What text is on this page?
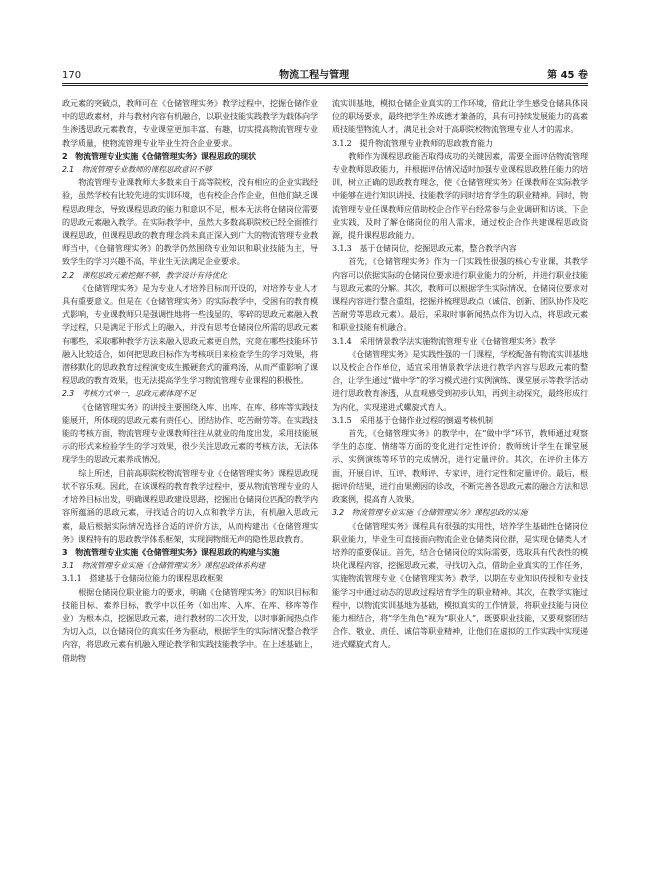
170	物流工程与管理	第 45 卷

政元素的突破点，教师可在《仓储管理实务》教学过程中，挖掘仓储作业中的思政素材，并与教材内容有机融合，以职业技能实践教学为载体向学生渗透思政元素教育，专业课堂更加丰富、有趣，切实提高物流管理专业教学质量，使物流管理专业毕业生符合企业要求。

2　物流管理专业实施《仓储管理实务》课程思政的现状

2.1　物流管理专业教师的课程思政意识不够

物流管理专业课教师大多数来自于高等院校，没有相应的企业实践经验，虽然学校有比较先进的实训环境，也有校企合作企业，但他们缺乏课程思政理念，导致课程思政的能力和意识不足，根本无法将仓储岗位需要的思政元素融入教学。在实际教学中，虽然大多数高职院校已经全面推行课程思政，但课程思政的教育理念尚未真正深入到广大的物流管理专业教师当中，《仓储管理实务》的教学仍然围绕专业知识和职业技能为主，导致学生的学习兴趣不高，毕业生无法满足企业要求。

2.2　课程思政元素挖掘不够，教学设计有待优化

《仓储管理实务》是为专业人才培养目标而开设的，对培养专业人才具有重要意义。但是在《仓储管理实务》的实际教学中，受困有的教育模式影响，专业课教师只是强调性地将一些浅显的、零碎的思政元素融入教学过程，只是满足于形式上的融入，并没有思考仓储岗位所需的思政元素有哪些，采取哪种教学方法来融入思政元素更自然，究竟在哪些技能环节融入比较适合，如何把思政目标作为考核项目来检查学生的学习效果，将潜移默化的思政教育过程演变成生搬硬套式的灌鸡汤，从而严重影响了课程思政的教育效果，也无法提高学生学习物流管理专业课程的积极性。

2.3　考核方式单一，思政元素体现不足

《仓储管理实务》的讲授主要围绕入库、出库、在库、移库等实践技能展开，所体现的思政元素有责任心、团结协作、吃苦耐劳等。在实践技能的考核方面，物流管理专业课教师往往从就业的角度出发，采用技能展示的形式来检验学生的学习效果，很少关注思政元素的考核方法，无法体现学生的思政元素养成情况。

综上所述，目前高职院校物流管理专业《仓储管理实务》课程思政现状不容乐观。因此，在该课程的教育教学过程中，要从物流管理专业的人才培养目标出发，明确课程思政建设思路，挖掘出仓储岗位匹配的教学内容所蕴涵的思政元素，寻找适合的切入点和教学方法，有机融入思政元素，最后根据实际情况选择合适的评价方法，从而构建出《仓储管理实务》课程特有的思政教学体系框架，实现润物细无声的隐性思政教育。

3　物流管理专业实施《仓储管理实务》课程思政的构建与实施

3.1　物流管理专业实施《仓储管理实务》课程思政体系构建

3.1.1　搭建基于仓储岗位能力的课程思政框架

根据仓储岗位职业能力的要求，明确《仓储管理实务》的知识目标和技能目标、素养目标，教学中以任务（如出库、入库、在库、移库等作业）为根本点，挖掘思政元素，进行教材的二次开发，以时事新闻热点作为切入点，以仓储岗位的真实任务为驱动，根据学生的实际情况整合教学内容，将思政元素有机融入理论教学和实践技能教学中。在上述基础上，借助物

流实训基地，模拟仓储企业真实的工作环境，借此让学生感受仓储具体岗位的职场要求，最终把学生养成德才兼备的，具有可持续发展能力的高素质技能型物流人才，满足社会对于高职院校物流管理专业人才的需求。

3.1.2　提升物流管理专业教师的思政教育能力

教师作为课程思政能否取得成功的关键因素，需要全面评估物流管理专业教师思政能力，并根据评估情况适时加强专业课程思政胜任能力的培训，树立正确的思政教育理念，使《仓储管理实务》任课教师在实际教学中能够在进行知识讲授、技能教学的同时培育学生的职业精神。同时，物流管理专业任课教师应借助校企合作平台经常参与企业调研和访谈、下企业实践，及时了解仓储岗位的用人需求，通过校企合作共建课程思政资源，提升课程思政能力。

3.1.3　基于仓储岗位，挖掘思政元素，整合教学内容

首先，《仓储管理实务》作为一门实践性很强的核心专业课，其教学内容可以依据实际的仓储岗位要求进行职业能力的分析，并进行职业技能与思政元素的分解。其次，教师可以根据学生实际情况、仓储岗位要求对课程内容进行整合重组，挖掘并梳理思政点（诚信、创新、团队协作及吃苦耐劳等思政元素）。最后，采取时事新闻热点作为切入点，将思政元素和职业技能有机融合。

3.1.4　采用情景教学法实施物流管理专业《仓储管理实务》教学

《仓储管理实务》是实践性强的一门课程，学校配备有物流实训基地以及校企合作单位，适宜采用情景教学法进行教学内容与思政元素的整合，让学生通过“做中学”的学习模式进行实例演练、课堂展示等教学活动进行思政教育渗透，从直观感受到初步认知，再到主动探究，最终形成行为内化，实现递进式螺旋式育人。

3.1.5　采用基于仓储作业过程的倒逼考核机制

首先，《仓储管理实务》的教学中，在“做中学”环节，教师通过观察学生的态度、情绪等方面的变化进行定性评价；教师统计学生在课堂展示、实例演练等环节的完成情况，进行定量评价。其次，在评价主体方面，开展自评、互评、教师评、专家评，进行定性和定量评价。最后，根据评价结果，进行由果溯因的诊改，不断完善各思政元素的融合方法和思政案例，提高育人效果。

3.2　物流管理专业实施《仓储管理实务》课程思政的实施

《仓储管理实务》课程具有很强的实用性，培养学生基础性仓储岗位职业能力，毕业生可直接面向物流企业仓储类岗位群，是实现仓储类人才培养的重要保证。首先，结合仓储岗位的实际需要，选取具有代表性的模块化课程内容，挖掘思政元素，寻找切入点，借助企业真实的工作任务，实施物流管理专业《仓储管理实务》教学，以期在专业知识传授和专业技能学习中通过动态的思政过程培育学生的职业精神。其次，在教学实施过程中，以物流实训基地为基础，模拟真实的工作情景，将职业技能与岗位能力相结合，将“学生角色”视为“职业人”，既要职业技能，又要观察团结合作、敬业、责任、诚信等职业精神，让他们在虚拟的工作实践中实现递进式螺旋式育人。
